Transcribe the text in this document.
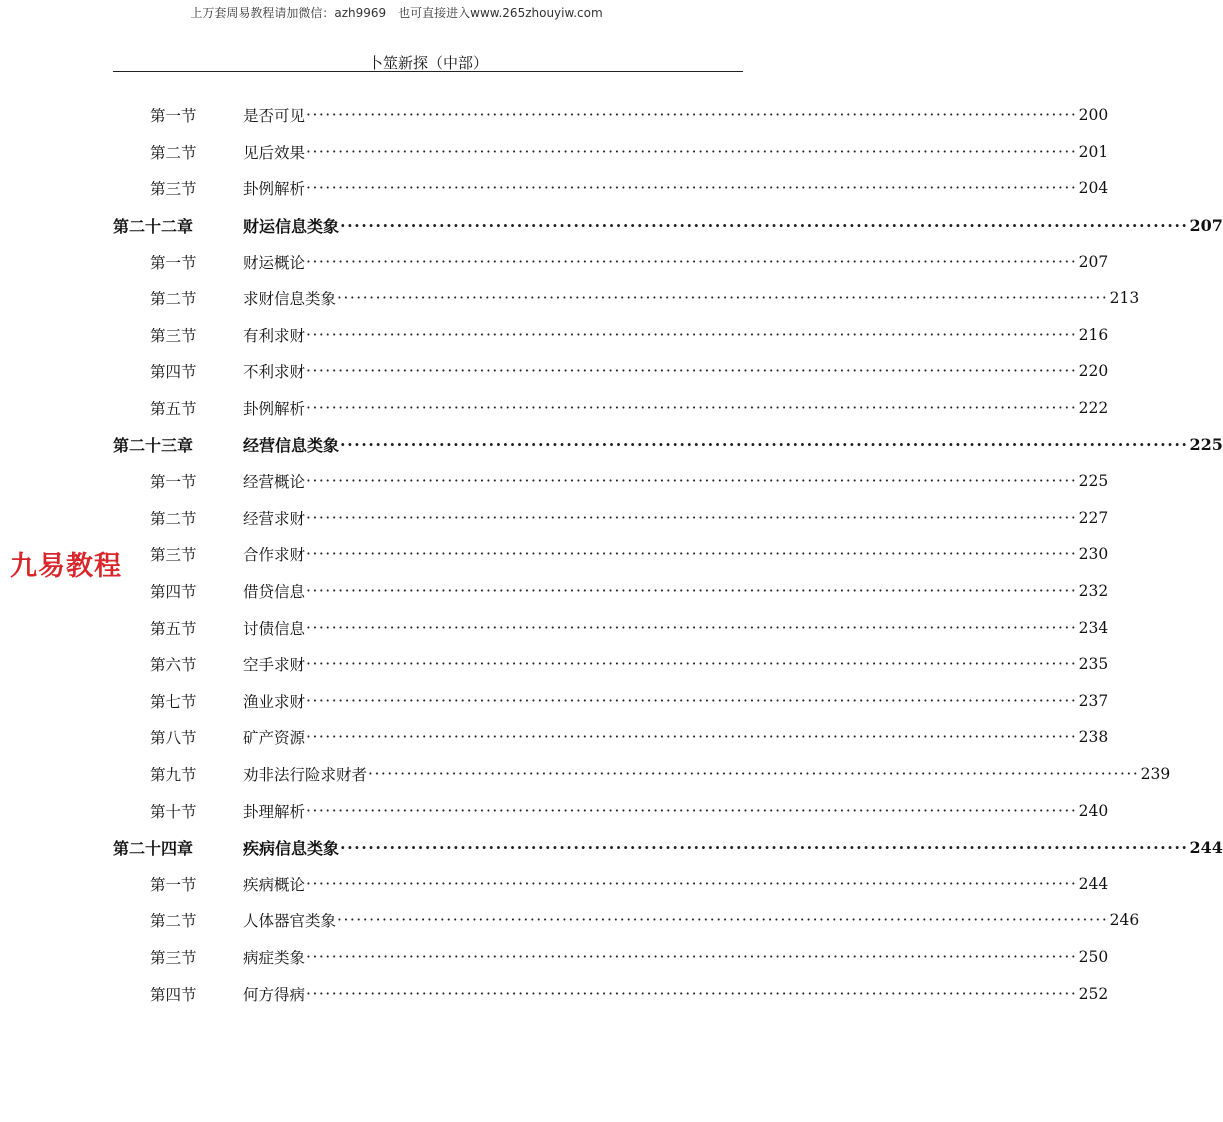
上万套周易教程请加微信：azh9969　也可直接进入www.265zhouyiw.com
卜筮新探（中部）
九易教程
第一节	是否可见 ························································································································ 200
第二节	见后效果 ························································································································ 201
第三节	卦例解析 ························································································································ 204
第二十二章	财运信息类象 ························································································································ 207
第一节	财运概论 ························································································································ 207
第二节	求财信息类象 ························································································································ 213
第三节	有利求财 ························································································································ 216
第四节	不利求财 ························································································································ 220
第五节	卦例解析 ························································································································ 222
第二十三章	经营信息类象 ························································································································ 225
第一节	经营概论 ························································································································ 225
第二节	经营求财 ························································································································ 227
第三节	合作求财 ························································································································ 230
第四节	借贷信息 ························································································································ 232
第五节	讨债信息 ························································································································ 234
第六节	空手求财 ························································································································ 235
第七节	渔业求财 ························································································································ 237
第八节	矿产资源 ························································································································ 238
第九节	劝非法行险求财者 ························································································································ 239
第十节	卦理解析 ························································································································ 240
第二十四章	疾病信息类象 ························································································································ 244
第一节	疾病概论 ························································································································ 244
第二节	人体器官类象 ························································································································ 246
第三节	病症类象 ························································································································ 250
第四节	何方得病 ························································································································ 252
